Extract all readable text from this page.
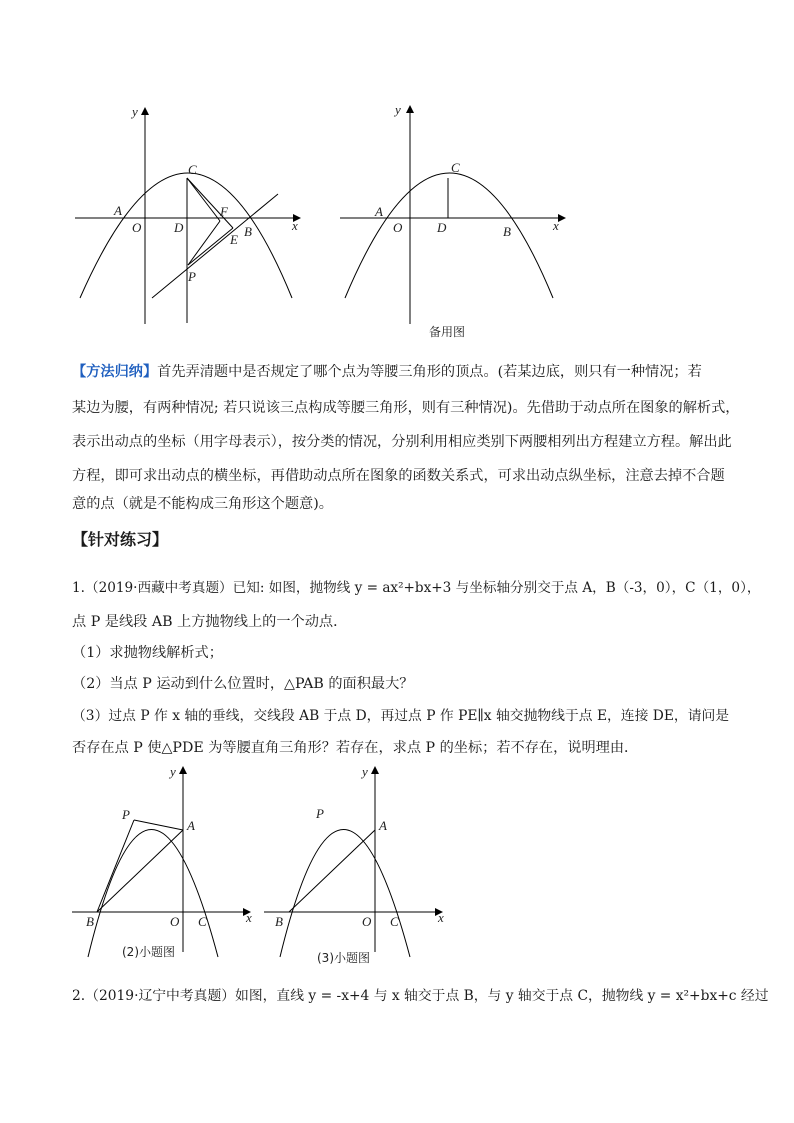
y
x
A
O	D
C
F
E
B
P
y
x
A
O	D
C
B
备用图
【方法归纳】首先弄清题中是否规定了哪个点为等腰三角形的顶点。(若某边底，则只有一种情况；若
某边为腰，有两种情况; 若只说该三点构成等腰三角形，则有三种情况)。先借助于动点所在图象的解析式，
表示出动点的坐标（用字母表示），按分类的情况，分别利用相应类别下两腰相列出方程建立方程。解出此
方程，即可求出动点的横坐标，再借助动点所在图象的函数关系式，可求出动点纵坐标，注意去掉不合题
意的点（就是不能构成三角形这个题意)。
【针对练习】
1.（2019·西藏中考真题）已知: 如图，抛物线 y = ax²+bx+3 与坐标轴分别交于点 A，B（-3，0），C（1，0），
点 P 是线段 AB 上方抛物线上的一个动点．
（1）求抛物线解析式；
（2）当点 P 运动到什么位置时，△PAB 的面积最大？
（3）过点 P 作 x 轴的垂线，交线段 AB 于点 D，再过点 P 作 PE∥x 轴交抛物线于点 E，连接 DE，请问是
否存在点 P 使△PDE 为等腰直角三角形？若存在，求点 P 的坐标；若不存在，说明理由．
y
P
A
B	O C	x
(2)小题图
y
P
A
B	O C	x
(3)小题图
2.（2019·辽宁中考真题）如图，直线 y = -x+4 与 x 轴交于点 B，与 y 轴交于点 C，抛物线 y = x²+bx+c 经过
